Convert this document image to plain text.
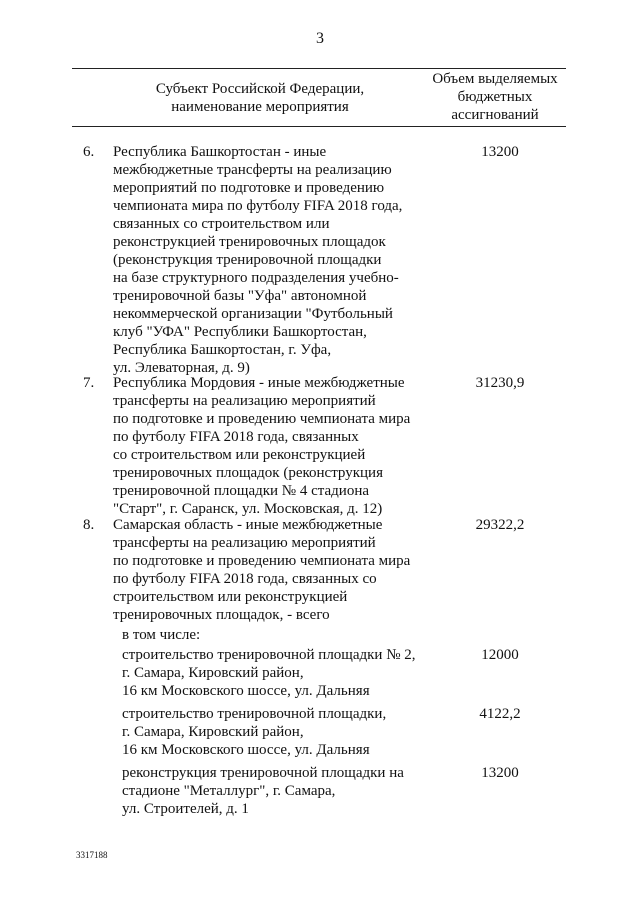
3
Субъект Российской Федерации,
наименование мероприятия
Объем выделяемых
бюджетных
ассигнований
6. Республика Башкортостан - иные
межбюджетные трансферты на реализацию
мероприятий по подготовке и проведению
чемпионата мира по футболу FIFA 2018 года,
связанных со строительством или
реконструкцией тренировочных площадок
(реконструкция тренировочной площадки
на базе структурного подразделения учебно-
тренировочной базы "Уфа" автономной
некоммерческой организации "Футбольный
клуб "УФА" Республики Башкортостан,
Республика Башкортостан, г. Уфа,
ул. Элеваторная, д. 9)
13200
7. Республика Мордовия - иные межбюджетные
трансферты на реализацию мероприятий
по подготовке и проведению чемпионата мира
по футболу FIFA 2018 года, связанных
со строительством или реконструкцией
тренировочных площадок (реконструкция
тренировочной площадки № 4 стадиона
"Старт", г. Саранск, ул. Московская, д. 12)
31230,9
8. Самарская область - иные межбюджетные
трансферты на реализацию мероприятий
по подготовке и проведению чемпионата мира
по футболу FIFA 2018 года, связанных со
строительством или реконструкцией
тренировочных площадок, - всего
29322,2
в том числе:
строительство тренировочной площадки № 2,
г. Самара, Кировский район,
16 км Московского шоссе, ул. Дальняя
12000
строительство тренировочной площадки,
г. Самара, Кировский район,
16 км Московского шоссе, ул. Дальняя
4122,2
реконструкция тренировочной площадки на
стадионе "Металлург", г. Самара,
ул. Строителей, д. 1
13200
3317188
